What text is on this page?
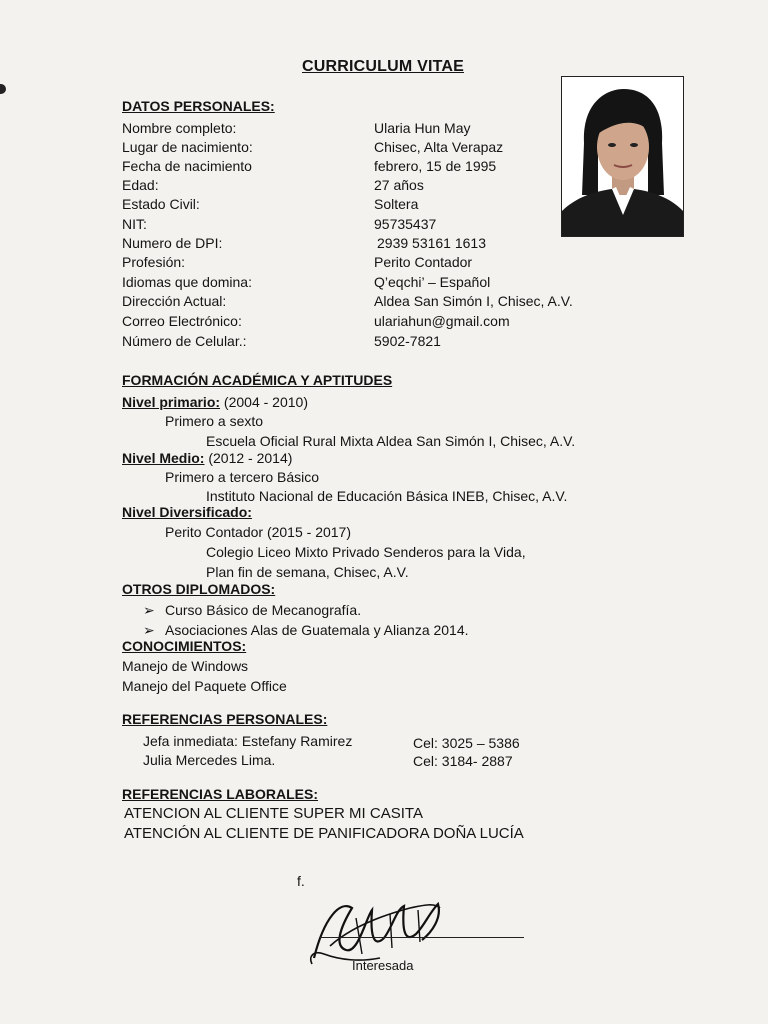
CURRICULUM VITAE
DATOS PERSONALES:
Nombre completo:	Ularia Hun May
Lugar de nacimiento:	Chisec, Alta Verapaz
Fecha de nacimiento	febrero, 15 de 1995
Edad:	27 años
Estado Civil:	Soltera
NIT:	95735437
Numero de DPI:	2939 53161 1613
Profesión:	Perito Contador
Idiomas que domina:	Q’eqchi’ – Español
Dirección Actual:	Aldea San Simón I, Chisec, A.V.
Correo Electrónico:	ulariahun@gmail.com
Número de Celular.:	5902-7821
FORMACIÓN ACADÉMICA Y APTITUDES
Nivel primario: (2004 - 2010)
Primero a sexto
Escuela Oficial Rural Mixta Aldea San Simón I, Chisec, A.V.
Nivel Medio: (2012 - 2014)
Primero a tercero Básico
Instituto Nacional de Educación Básica INEB, Chisec, A.V.
Nivel Diversificado:
Perito Contador (2015 - 2017)
Colegio Liceo Mixto Privado Senderos para la Vida,
Plan fin de semana, Chisec, A.V.
OTROS DIPLOMADOS:
➢ Curso Básico de Mecanografía.
➢ Asociaciones Alas de Guatemala y Alianza 2014.
CONOCIMIENTOS:
Manejo de Windows
Manejo del Paquete Office
REFERENCIAS PERSONALES:
Jefa inmediata: Estefany Ramirez	Cel: 3025 – 5386
Julia Mercedes Lima.	Cel: 3184- 2887
REFERENCIAS LABORALES:
ATENCION AL CLIENTE SUPER MI CASITA
ATENCIÓN AL CLIENTE DE PANIFICADORA DOÑA LUCÍA
f.
Interesada
